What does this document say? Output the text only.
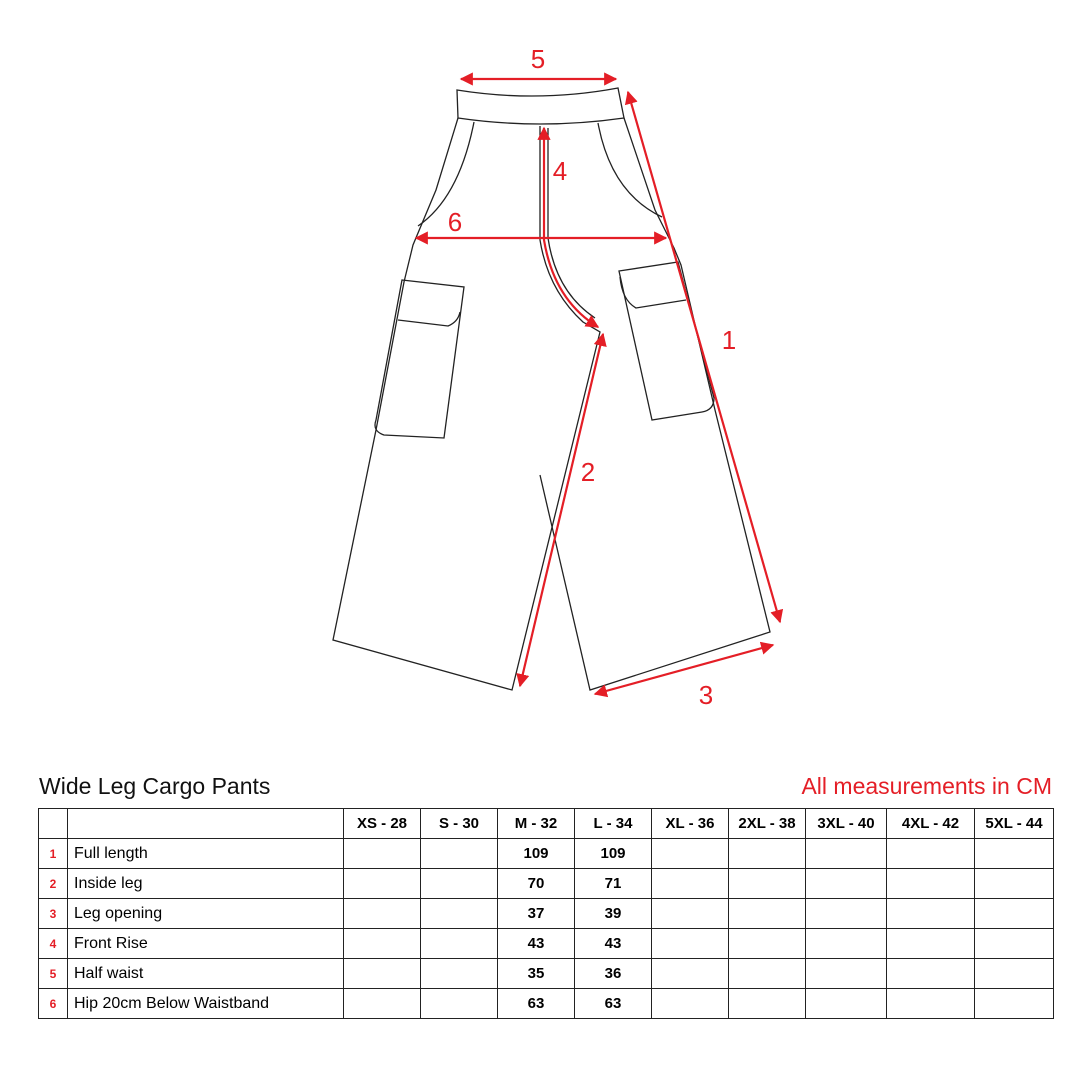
5
4
6
1
2
3
Wide Leg Cargo Pants	All measurements in CM
		XS - 28	S - 30	M - 32	L - 34	XL - 36	2XL - 38	3XL - 40	4XL - 42	5XL - 44
1	Full length			109	109					
2	Inside leg			70	71					
3	Leg opening			37	39					
4	Front Rise			43	43					
5	Half waist			35	36					
6	Hip 20cm Below Waistband			63	63					
